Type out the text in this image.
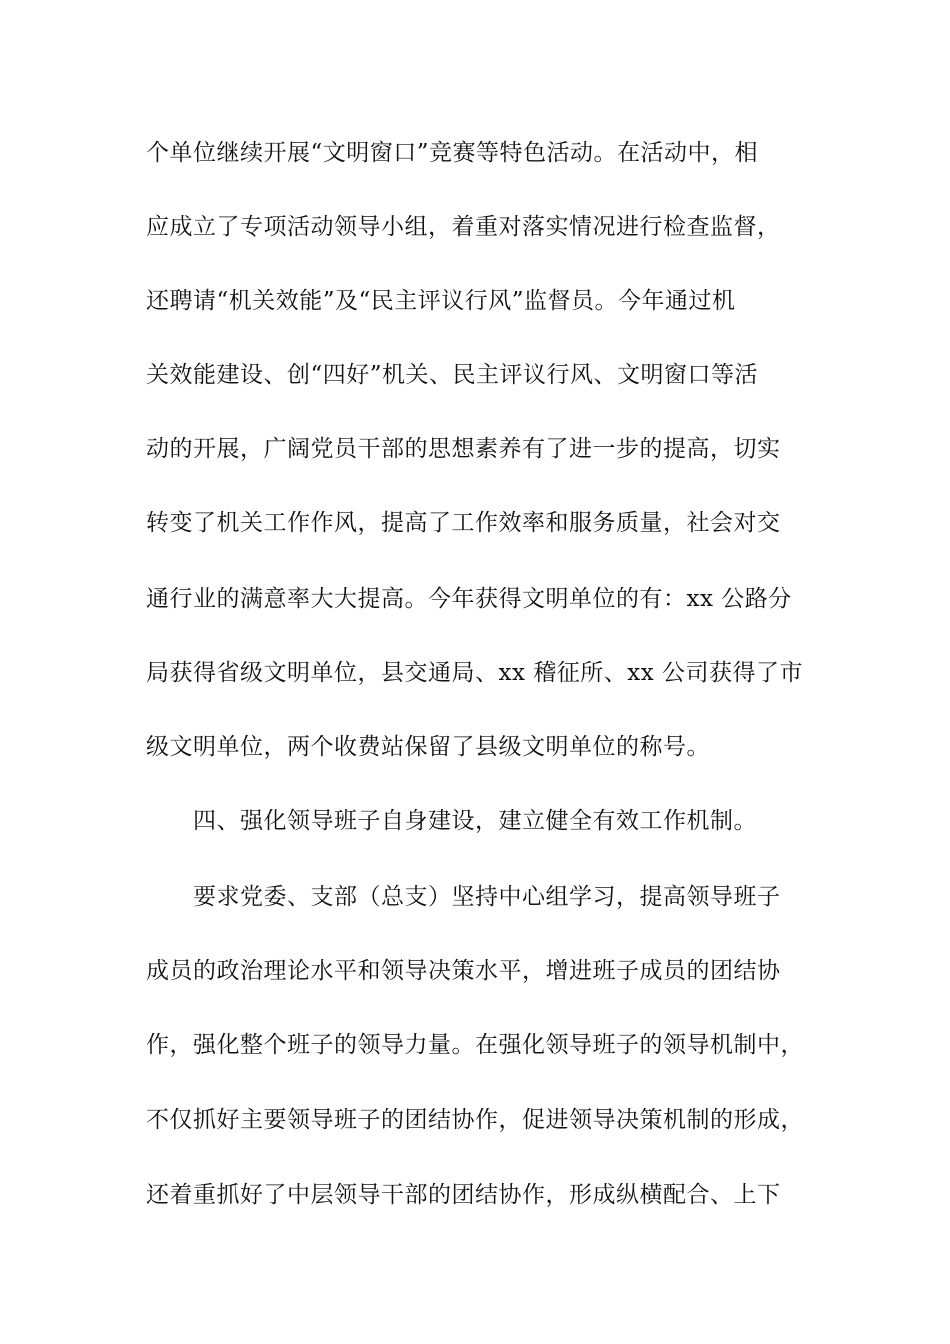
个单位继续开展“文明窗口”竞赛等特色活动。在活动中，相
应成立了专项活动领导小组，着重对落实情况进行检查监督，
还聘请“机关效能”及“民主评议行风”监督员。今年通过机
关效能建设、创“四好”机关、民主评议行风、文明窗口等活
动的开展，广阔党员干部的思想素养有了进一步的提高，切实
转变了机关工作作风，提高了工作效率和服务质量，社会对交
通行业的满意率大大提高。今年获得文明单位的有：xx 公路分
局获得省级文明单位，县交通局、xx 稽征所、xx 公司获得了市
级文明单位，两个收费站保留了县级文明单位的称号。
四、强化领导班子自身建设，建立健全有效工作机制。
要求党委、支部（总支）坚持中心组学习，提高领导班子
成员的政治理论水平和领导决策水平，增进班子成员的团结协
作，强化整个班子的领导力量。在强化领导班子的领导机制中，
不仅抓好主要领导班子的团结协作，促进领导决策机制的形成，
还着重抓好了中层领导干部的团结协作，形成纵横配合、上下
